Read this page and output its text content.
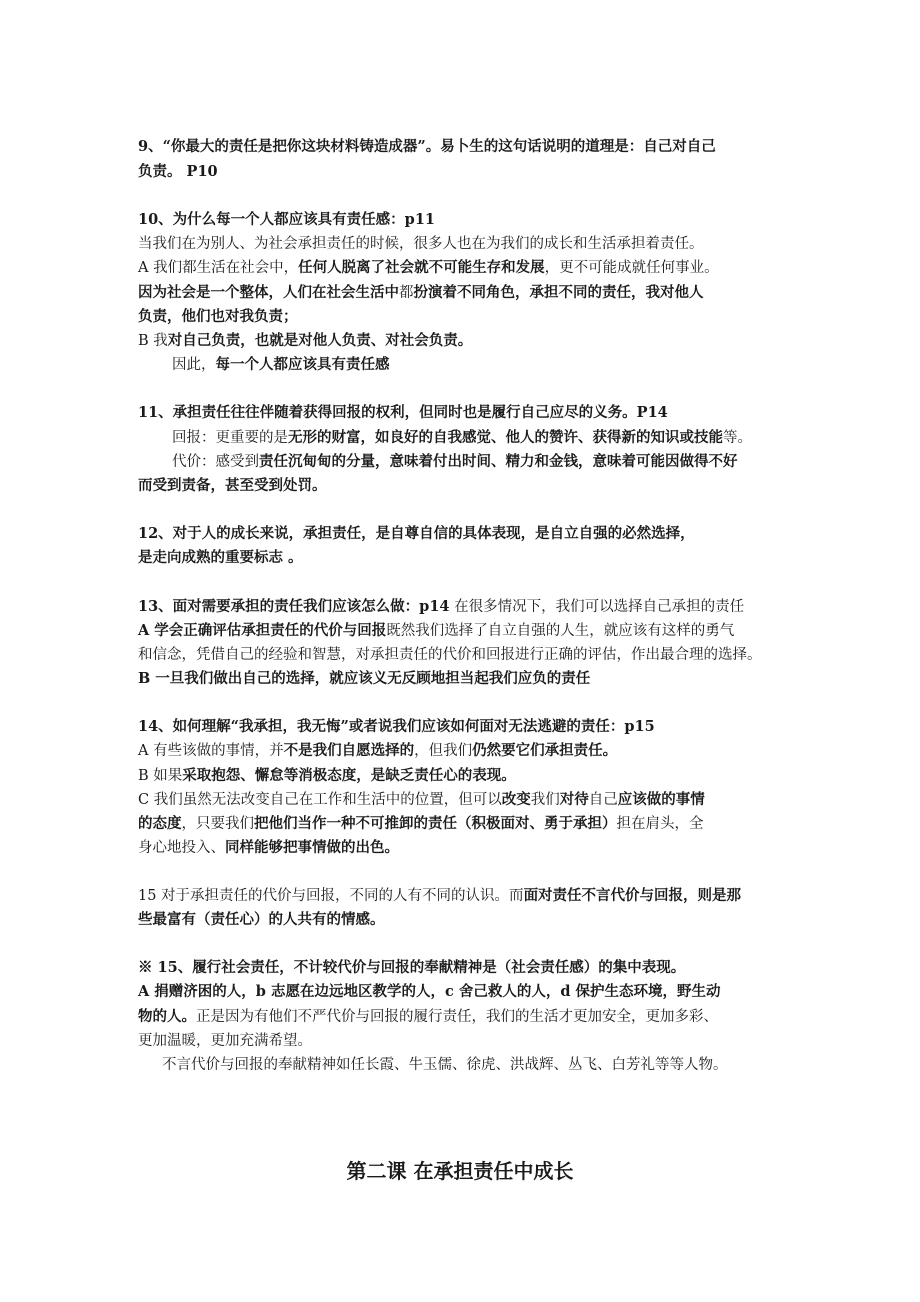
9、“你最大的责任是把你这块材料铸造成器”。易卜生的这句话说明的道理是：自己对自己
负责。 P10
10、为什么每一个人都应该具有责任感：p11
当我们在为别人、为社会承担责任的时候，很多人也在为我们的成长和生活承担着责任。
A 我们都生活在社会中，任何人脱离了社会就不可能生存和发展，更不可能成就任何事业。
因为社会是一个整体，人们在社会生活中都扮演着不同角色，承担不同的责任，我对他人
负责，他们也对我负责；
B 我对自己负责，也就是对他人负责、对社会负责。
因此，每一个人都应该具有责任感
11、承担责任往往伴随着获得回报的权利，但同时也是履行自己应尽的义务。P14
回报：更重要的是无形的财富，如良好的自我感觉、他人的赞许、获得新的知识或技能等。
代价：感受到责任沉甸甸的分量，意味着付出时间、精力和金钱，意味着可能因做得不好
而受到责备，甚至受到处罚。
12、对于人的成长来说，承担责任，是自尊自信的具体表现，是自立自强的必然选择，
是走向成熟的重要标志 。
13、面对需要承担的责任我们应该怎么做：p14 在很多情况下，我们可以选择自己承担的责任
A 学会正确评估承担责任的代价与回报既然我们选择了自立自强的人生，就应该有这样的勇气
和信念，凭借自己的经验和智慧，对承担责任的代价和回报进行正确的评估，作出最合理的选择。
B 一旦我们做出自己的选择，就应该义无反顾地担当起我们应负的责任
14、如何理解“我承担，我无悔”或者说我们应该如何面对无法逃避的责任：p15
A 有些该做的事情，并不是我们自愿选择的，但我们仍然要它们承担责任。
B 如果采取抱怨、懈怠等消极态度，是缺乏责任心的表现。
C 我们虽然无法改变自己在工作和生活中的位置，但可以改变我们对待自己应该做的事情
的态度，只要我们把他们当作一种不可推卸的责任（积极面对、勇于承担）担在肩头，全
身心地投入、同样能够把事情做的出色。
15 对于承担责任的代价与回报，不同的人有不同的认识。而面对责任不言代价与回报，则是那
些最富有（责任心）的人共有的情感。
※ 15、履行社会责任，不计较代价与回报的奉献精神是（社会责任感）的集中表现。
A 捐赠济困的人，b 志愿在边远地区教学的人，c 舍己救人的人，d 保护生态环境，野生动
物的人。正是因为有他们不严代价与回报的履行责任，我们的生活才更加安全，更加多彩、
更加温暖，更加充满希望。
不言代价与回报的奉献精神如任长霞、牛玉儒、徐虎、洪战辉、丛飞、白芳礼等等人物。
第二课 在承担责任中成长
